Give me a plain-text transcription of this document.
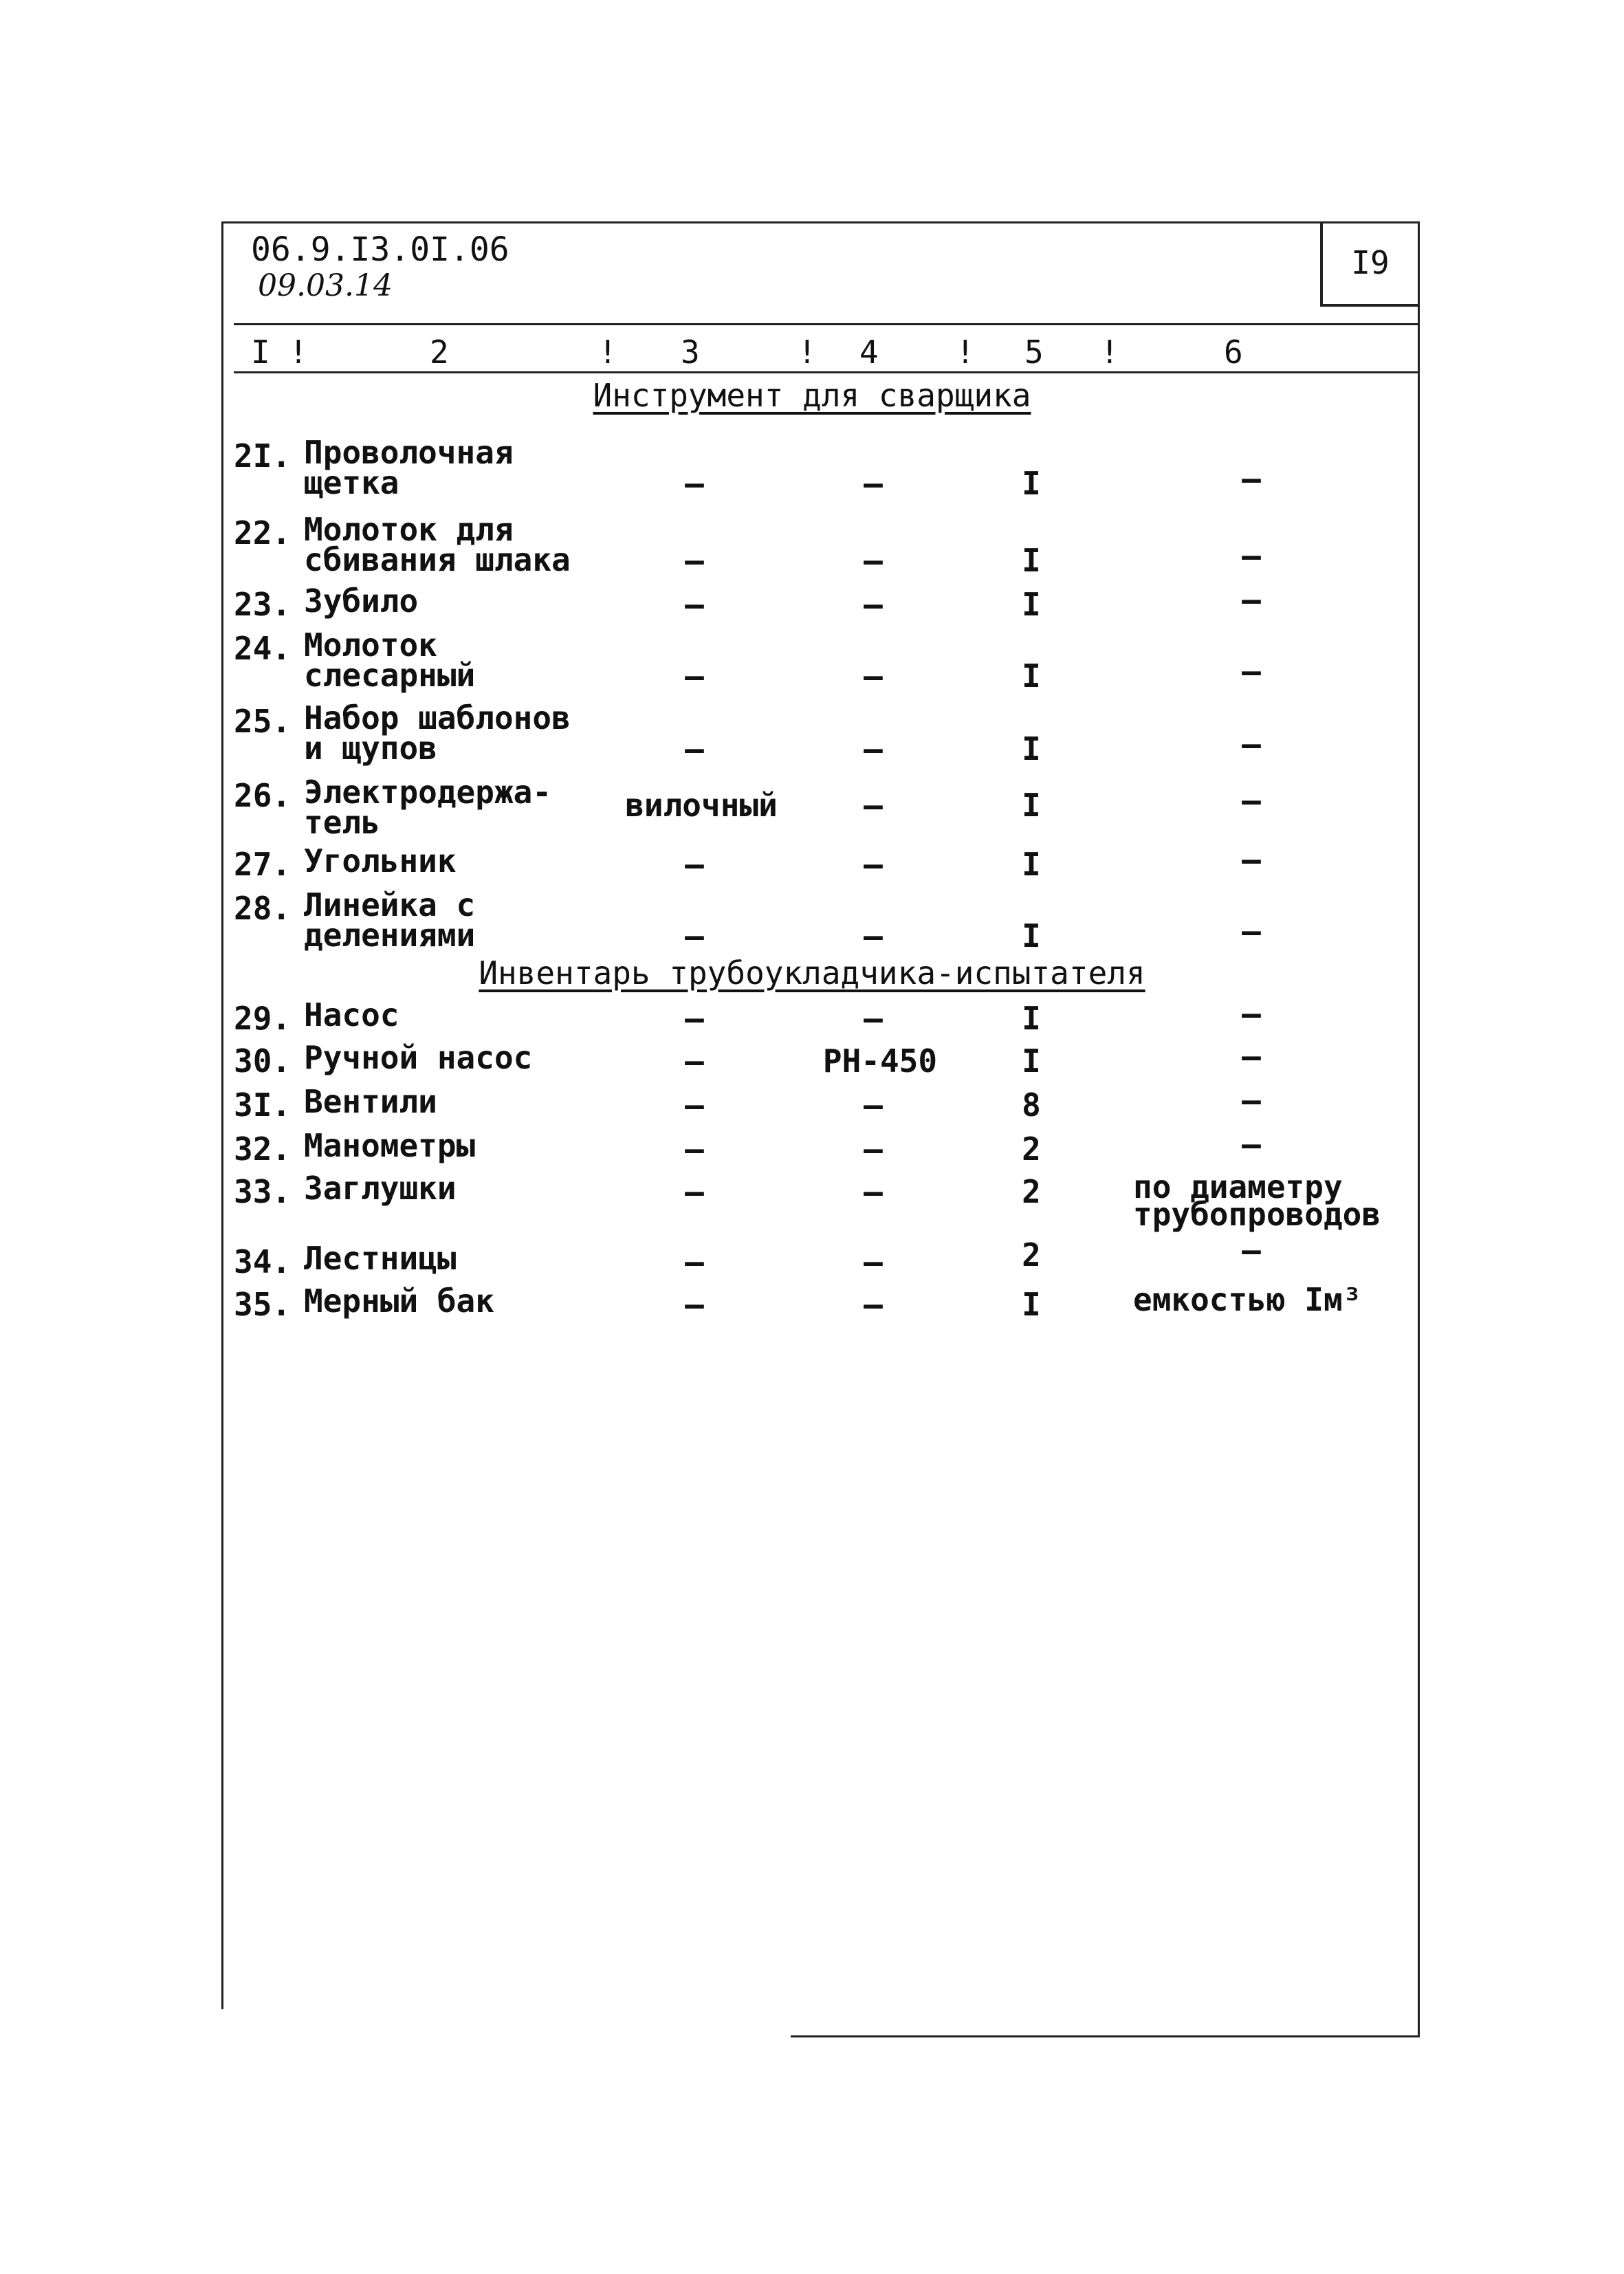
06.9.I3.0I.06
09.03.14
I9
I !	2	! 3	! 4 ! 5 !	6
Инструмент для сварщика
2I. Проволочная
щетка	–	–	I	–
22. Молоток для
сбивания шлака	–	–	I	–
23. Зубило	–	–	I	–
24. Молоток
слесарный	–	–	I	–
25. Набор шаблонов
и щупов	–	–	I	–
26. Электродержа-
тель	вилочный	–	I	–
27. Угольник	–	–	I	–
28. Линейка с
делениями	–	–	I	–
Инвентарь трубоукладчика-испытателя
29. Насос	–	–	I	–
30. Ручной насос	–	РН-450	I	–
3I. Вентили	–	–	8	–
32. Манометры	–	–	2	–
33. Заглушки	–	–	2	по диаметру
трубопроводов
34. Лестницы	–	–	2	–
35. Мерный бак	–	–	I	емкостью Iм³
